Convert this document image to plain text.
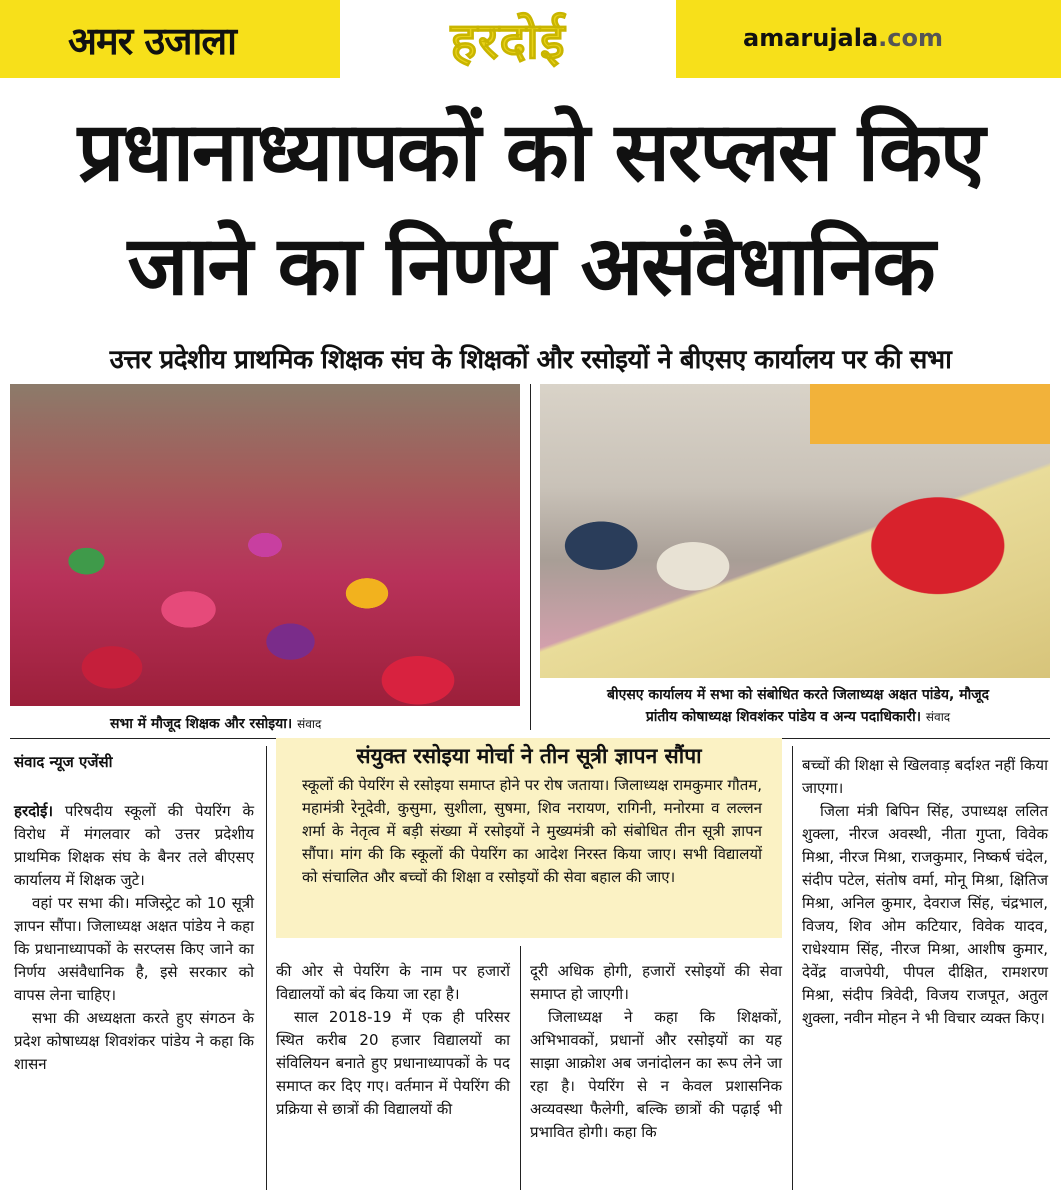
अमर उजाला	हरदोई	amarujala.com
प्रधानाध्यापकों को सरप्लस किए
जाने का निर्णय असंवैधानिक
उत्तर प्रदेशीय प्राथमिक शिक्षक संघ के शिक्षकों और रसोइयों ने बीएसए कार्यालय पर की सभा
सभा में मौजूद शिक्षक और रसोइया। संवाद
बीएसए कार्यालय में सभा को संबोधित करते जिलाध्यक्ष अक्षत पांडेय, मौजूद
प्रांतीय कोषाध्यक्ष शिवशंकर पांडेय व अन्य पदाधिकारी। संवाद
संवाद न्यूज एजेंसी

हरदोई। परिषदीय स्कूलों की पेयरिंग के विरोध में मंगलवार को उत्तर प्रदेशीय प्राथमिक शिक्षक संघ के बैनर तले बीएसए कार्यालय में शिक्षक जुटे।

वहां पर सभा की। मजिस्ट्रेट को 10 सूत्री ज्ञापन सौंपा। जिलाध्यक्ष अक्षत पांडेय ने कहा कि प्रधानाध्यापकों के सरप्लस किए जाने का निर्णय असंवैधानिक है, इसे सरकार को वापस लेना चाहिए।

सभा की अध्यक्षता करते हुए संगठन के प्रदेश कोषाध्यक्ष शिवशंकर पांडेय ने कहा कि शासन

संयुक्त रसोइया मोर्चा ने तीन सूत्री ज्ञापन सौंपा

स्कूलों की पेयरिंग से रसोइया समाप्त होने पर रोष जताया। जिलाध्यक्ष रामकुमार गौतम, महामंत्री रेनूदेवी, कुसुमा, सुशीला, सुषमा, शिव नरायण, रागिनी, मनोरमा व लल्लन शर्मा के नेतृत्व में बड़ी संख्या में रसोइयों ने मुख्यमंत्री को संबोधित तीन सूत्री ज्ञापन सौंपा। मांग की कि स्कूलों की पेयरिंग का आदेश निरस्त किया जाए। सभी विद्यालयों को संचालित और बच्चों की शिक्षा व रसोइयों की सेवा बहाल की जाए।

की ओर से पेयरिंग के नाम पर हजारों विद्यालयों को बंद किया जा रहा है।

साल 2018-19 में एक ही परिसर स्थित करीब 20 हजार विद्यालयों का संविलियन बनाते हुए प्रधानाध्यापकों के पद समाप्त कर दिए गए। वर्तमान में पेयरिंग की प्रक्रिया से छात्रों की विद्यालयों की

दूरी अधिक होगी, हजारों रसोइयों की सेवा समाप्त हो जाएगी।

जिलाध्यक्ष ने कहा कि शिक्षकों, अभिभावकों, प्रधानों और रसोइयों का यह साझा आक्रोश अब जनांदोलन का रूप लेने जा रहा है। पेयरिंग से न केवल प्रशासनिक अव्यवस्था फैलेगी, बल्कि छात्रों की पढ़ाई भी प्रभावित होगी। कहा कि

बच्चों की शिक्षा से खिलवाड़ बर्दाश्त नहीं किया जाएगा।

जिला मंत्री बिपिन सिंह, उपाध्यक्ष ललित शुक्ला, नीरज अवस्थी, नीता गुप्ता, विवेक मिश्रा, नीरज मिश्रा, राजकुमार, निष्कर्ष चंदेल, संदीप पटेल, संतोष वर्मा, मोनू मिश्रा, क्षितिज मिश्रा, अनिल कुमार, देवराज सिंह, चंद्रभाल, विजय, शिव ओम कटियार, विवेक यादव, राधेश्याम सिंह, नीरज मिश्रा, आशीष कुमार, देवेंद्र वाजपेयी, पीपल दीक्षित, रामशरण मिश्रा, संदीप त्रिवेदी, विजय राजपूत, अतुल शुक्ला, नवीन मोहन ने भी विचार व्यक्त किए।
